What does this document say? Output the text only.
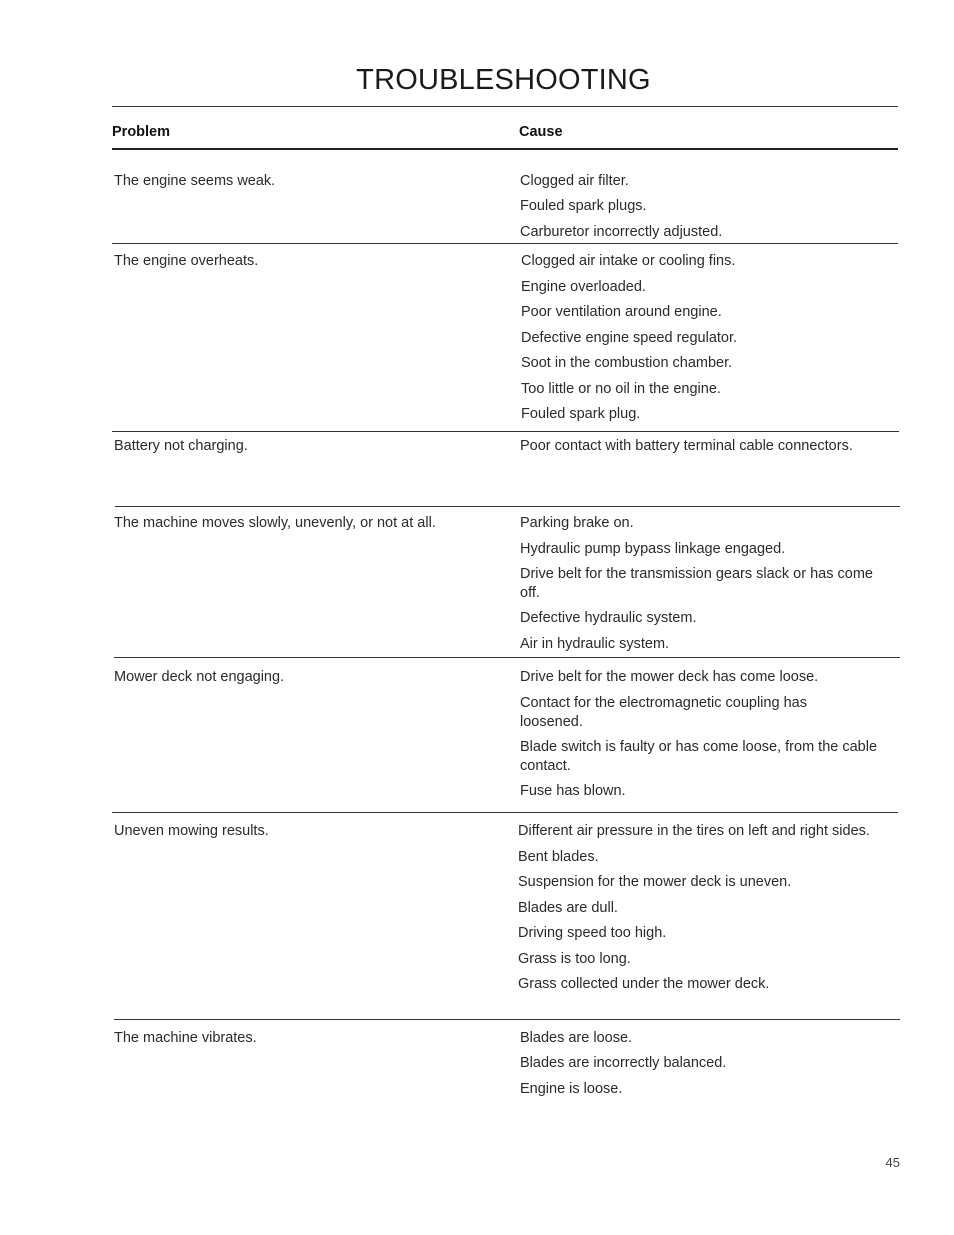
TROUBLESHOOTING
Problem	Cause
The engine seems weak.	Clogged air filter.
Fouled spark plugs.
Carburetor incorrectly adjusted.
The engine overheats.	Clogged air intake or cooling fins.
Engine overloaded.
Poor ventilation around engine.
Defective engine speed regulator.
Soot in the combustion chamber.
Too little or no oil in the engine.
Fouled spark plug.
Battery not charging.	Poor contact with battery terminal cable connectors.
The machine moves slowly, unevenly, or not at all.	Parking brake on.
Hydraulic pump bypass linkage engaged.
Drive belt for the transmission gears slack or has come off.
Defective hydraulic system.
Air in hydraulic system.
Mower deck not engaging.	Drive belt for the mower deck has come loose.
Contact for the electromagnetic coupling has loosened.
Blade switch is faulty or has come loose, from the cable contact.
Fuse has blown.
Uneven mowing results.	Different air pressure in the tires on left and right sides.
Bent blades.
Suspension for the mower deck is uneven.
Blades are dull.
Driving speed too high.
Grass is too long.
Grass collected under the mower deck.
The machine vibrates.	Blades are loose.
Blades are incorrectly balanced.
Engine is loose.
45
